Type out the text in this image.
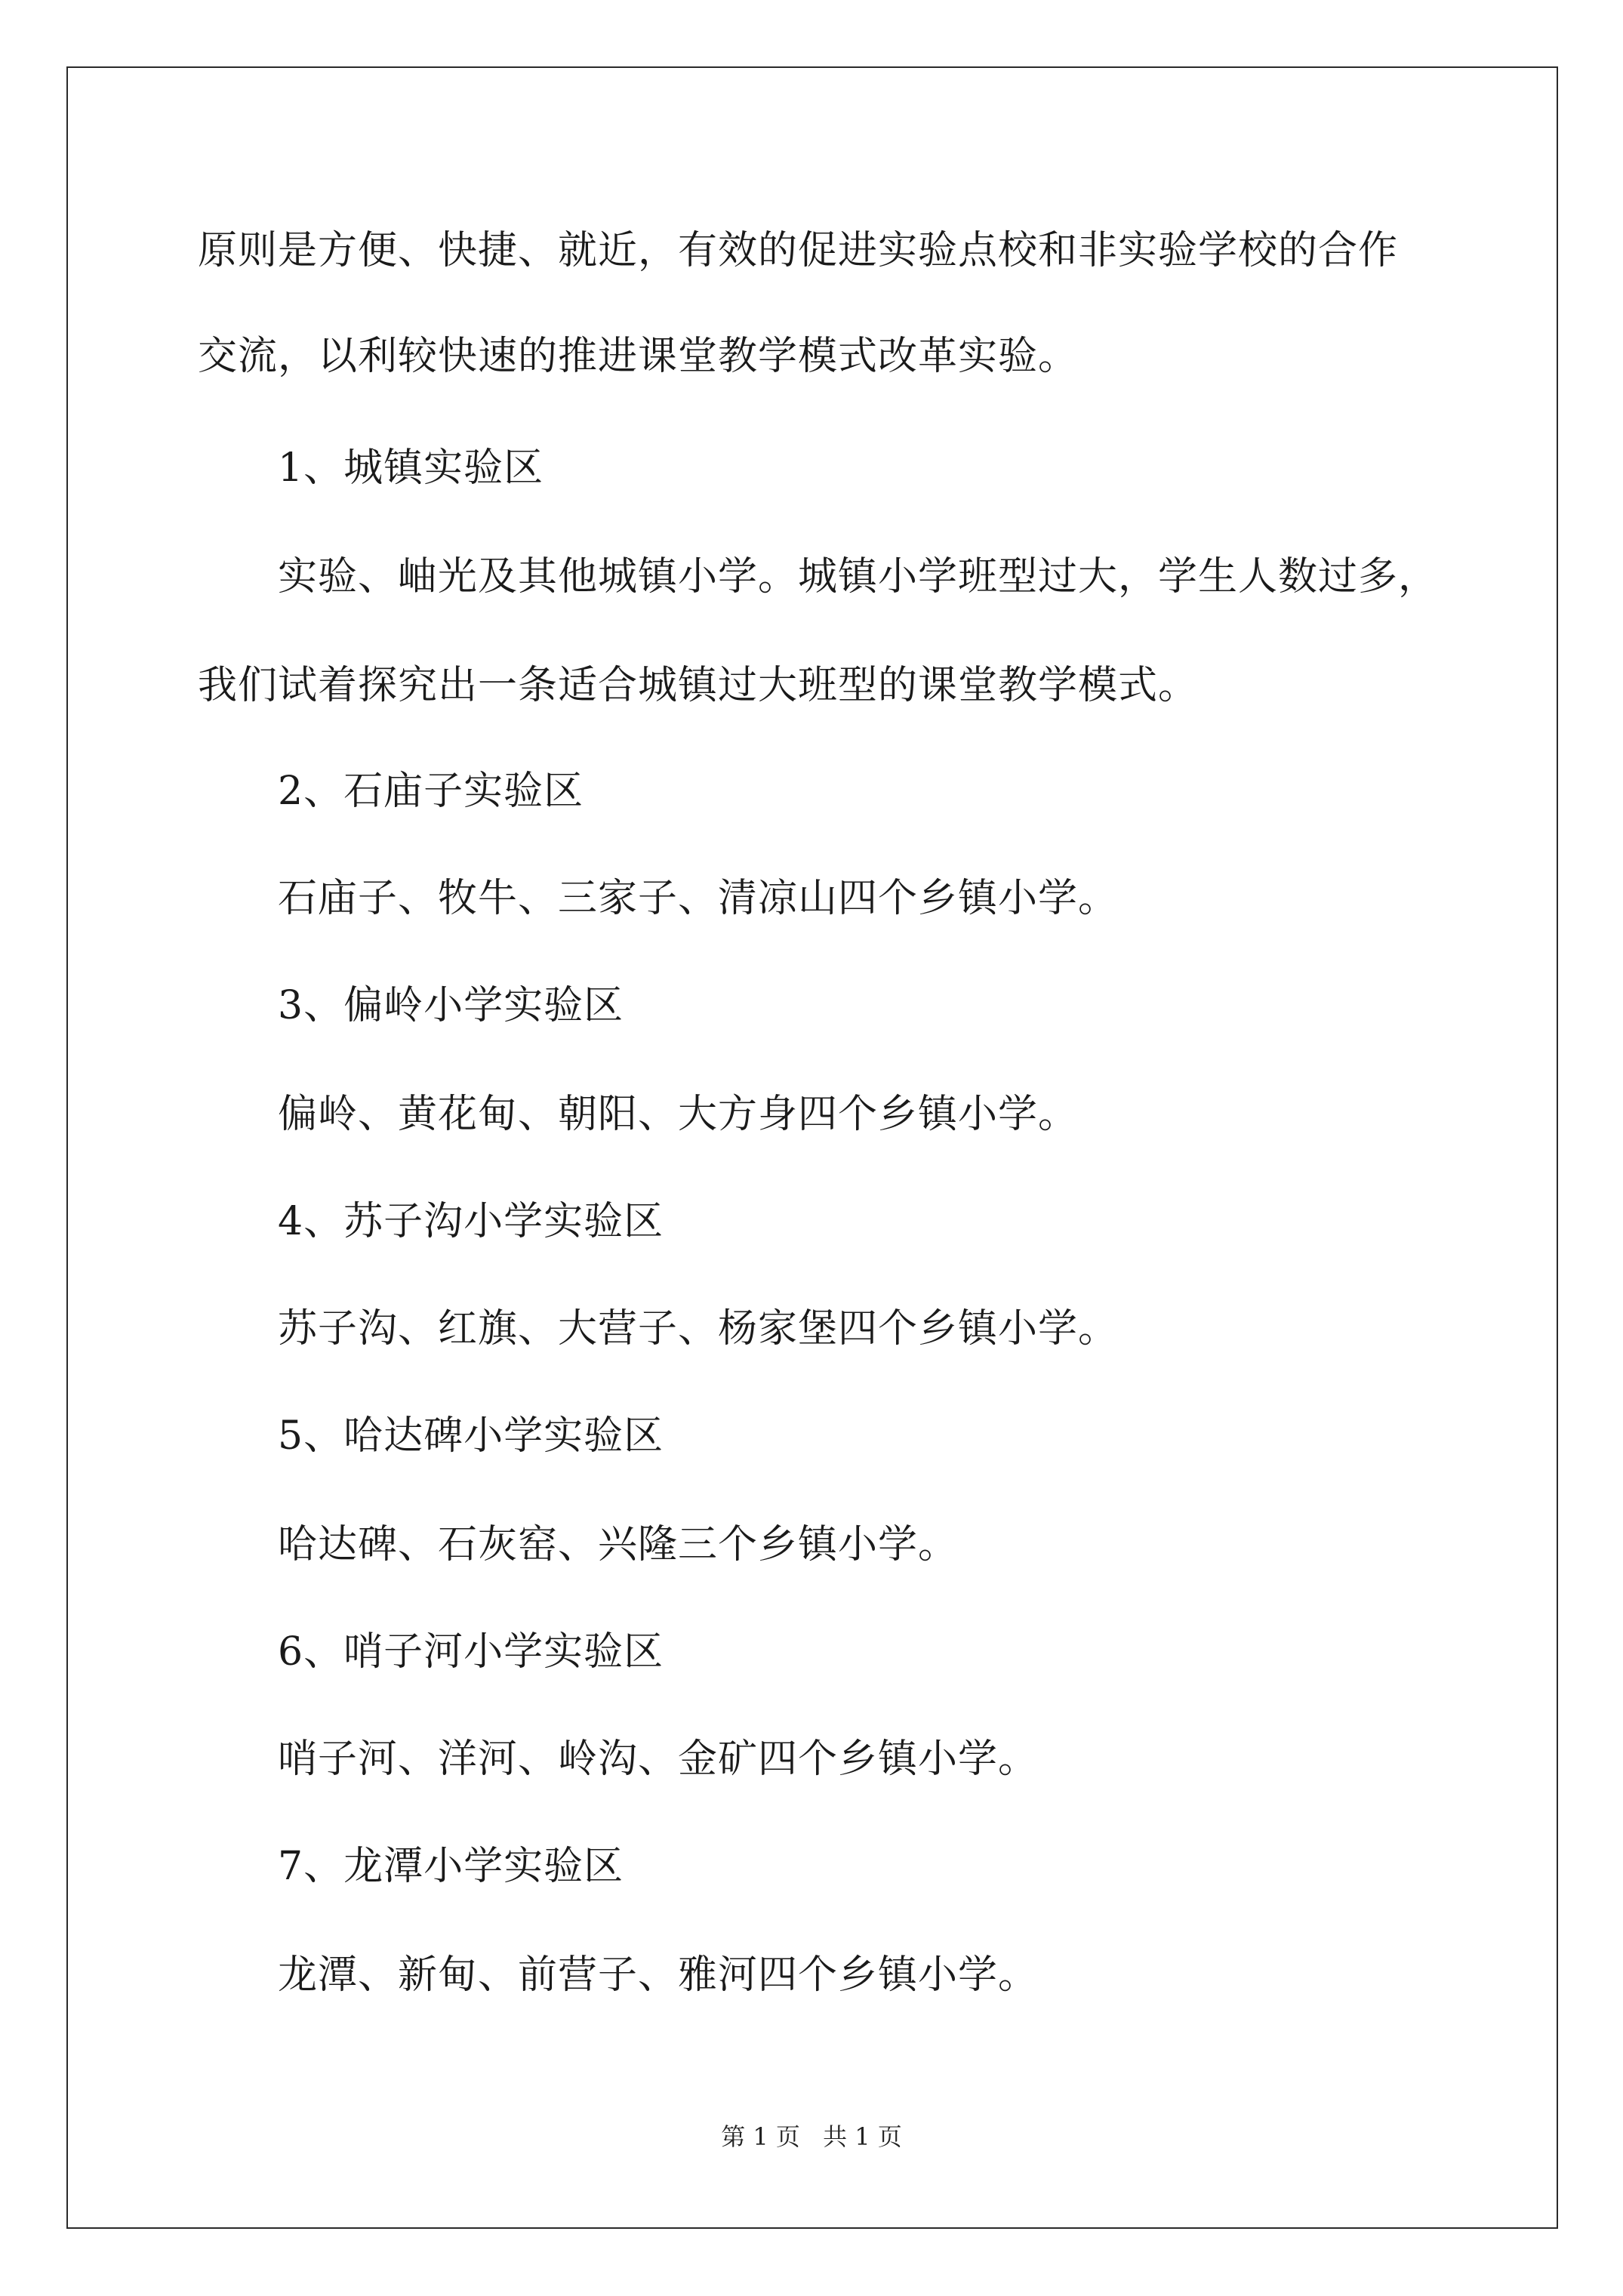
原则是方便、快捷、就近，有效的促进实验点校和非实验学校的合作
交流，以利较快速的推进课堂教学模式改革实验。
1、城镇实验区
实验、岫光及其他城镇小学。城镇小学班型过大，学生人数过多，
我们试着探究出一条适合城镇过大班型的课堂教学模式。
2、石庙子实验区
石庙子、牧牛、三家子、清凉山四个乡镇小学。
3、偏岭小学实验区
偏岭、黄花甸、朝阳、大方身四个乡镇小学。
4、苏子沟小学实验区
苏子沟、红旗、大营子、杨家堡四个乡镇小学。
5、哈达碑小学实验区
哈达碑、石灰窑、兴隆三个乡镇小学。
6、哨子河小学实验区
哨子河、洋河、岭沟、金矿四个乡镇小学。
7、龙潭小学实验区
龙潭、新甸、前营子、雅河四个乡镇小学。
第 1 页 共 1 页
